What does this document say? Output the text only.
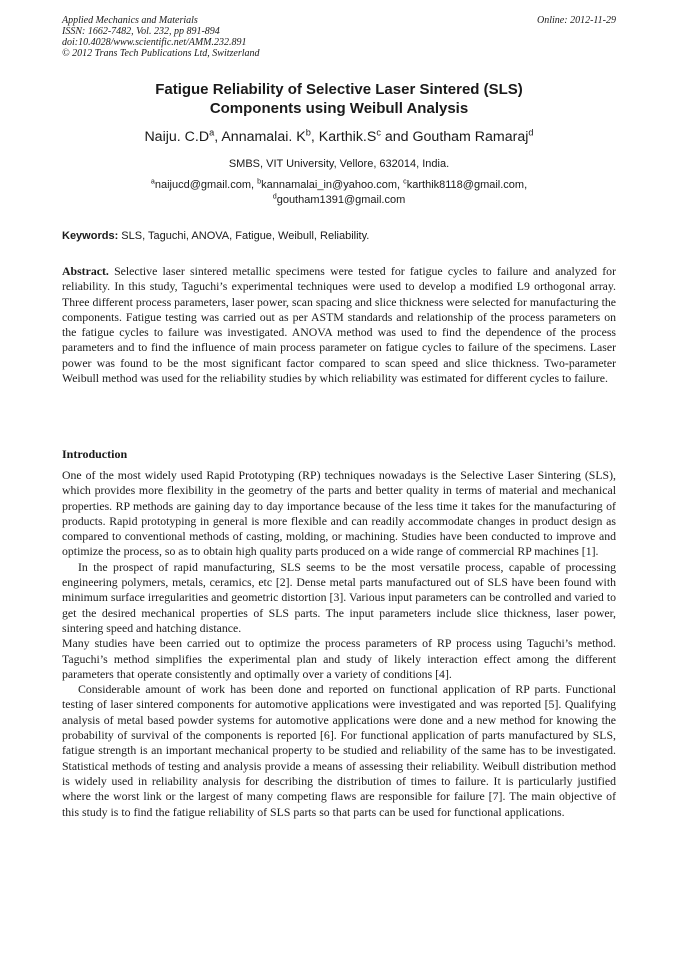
Applied Mechanics and Materials	Online: 2012-11-29
ISSN: 1662-7482, Vol. 232, pp 891-894
doi:10.4028/www.scientific.net/AMM.232.891
© 2012 Trans Tech Publications Ltd, Switzerland
Fatigue Reliability of Selective Laser Sintered (SLS)
Components using Weibull Analysis
Naiju. $C.D^a$, Annamalai. $K^b$, $Karthik.S^c$ and Goutham Ramaraj$^d$
SMBS, VIT University, Vellore, 632014, India.
$^a$naijucd@gmail.com, $^b$kannamalai_in@yahoo.com, $^c$karthik8118@gmail.com,
$^d$goutham1391@gmail.com
Keywords: SLS, Taguchi, ANOVA, Fatigue, Weibull, Reliability.

Abstract. Selective laser sintered metallic specimens were tested for fatigue cycles to failure and analyzed for reliability. In this study, Taguchi’s experimental techniques were used to develop a modified L9 orthogonal array. Three different process parameters, laser power, scan spacing and slice thickness were selected for manufacturing the components. Fatigue testing was carried out as per ASTM standards and relationship of the process parameters on the fatigue cycles to failure was investigated. ANOVA method was used to find the dependence of the process parameters and to find the influence of main process parameter on fatigue cycles to failure of the specimens. Laser power was found to be the most significant factor compared to scan speed and slice thickness. Two-parameter Weibull method was used for the reliability studies by which reliability was estimated for different cycles to failure.

Introduction

One of the most widely used Rapid Prototyping (RP) techniques nowadays is the Selective Laser Sintering (SLS), which provides more flexibility in the geometry of the parts and better quality in terms of material and mechanical properties. RP methods are gaining day to day importance because of the less time it takes for the manufacturing of products. Rapid prototyping in general is more flexible and can readily accommodate changes in product design as compared to conventional methods of casting, molding, or machining. Studies have been conducted to improve and optimize the process, so as to obtain high quality parts produced on a wide range of commercial RP machines [1].

In the prospect of rapid manufacturing, SLS seems to be the most versatile process, capable of processing engineering polymers, metals, ceramics, etc [2]. Dense metal parts manufactured out of SLS have been found with minimum surface irregularities and geometric distortion [3]. Various input parameters can be controlled and varied to get the desired mechanical properties of SLS parts. The input parameters include slice thickness, laser power, sintering speed and hatching distance.

Many studies have been carried out to optimize the process parameters of RP process using Taguchi’s method. Taguchi’s method simplifies the experimental plan and study of likely interaction effect among the different parameters that operate consistently and optimally over a variety of conditions [4].

Considerable amount of work has been done and reported on functional application of RP parts. Functional testing of laser sintered components for automotive applications were investigated and was reported [5]. Qualifying analysis of metal based powder systems for automotive applications were done and a new method for knowing the probability of survival of the components is reported [6]. For functional application of parts manufactured by SLS, fatigue strength is an important mechanical property to be studied and reliability of the same has to be investigated. Statistical methods of testing and analysis provide a means of assessing their reliability. Weibull distribution method is widely used in reliability analysis for describing the distribution of times to failure. It is particularly justified where the worst link or the largest of many competing flaws are responsible for failure [7]. The main objective of this study is to find the fatigue reliability of SLS parts so that parts can be used for functional applications.
